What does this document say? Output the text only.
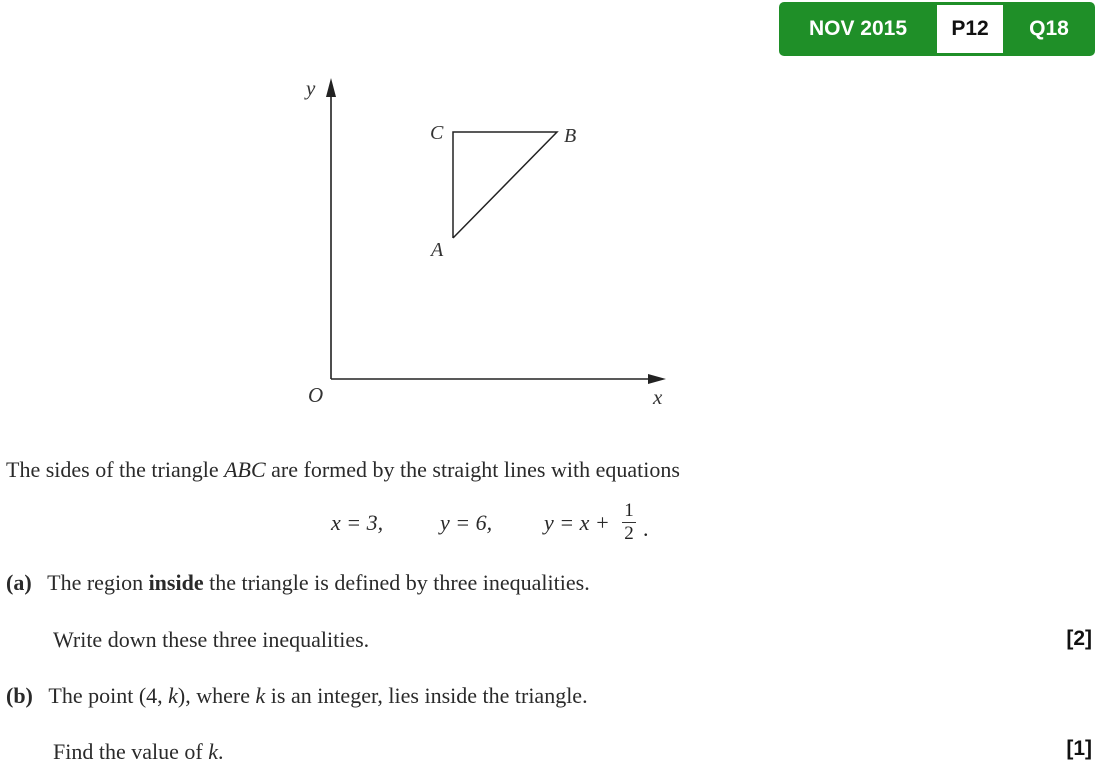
NOV 2015	P12	Q18
y
x
O
C	B
A
The sides of the triangle ABC are formed by the straight lines with equations
x = 3,	y = 6, y = x + 1
2 .
(a) The region inside the triangle is defined by three inequalities.
Write down these three inequalities.	[2]
(b) The point (4, k), where k is an integer, lies inside the triangle.
Find the value of k.	[1]
